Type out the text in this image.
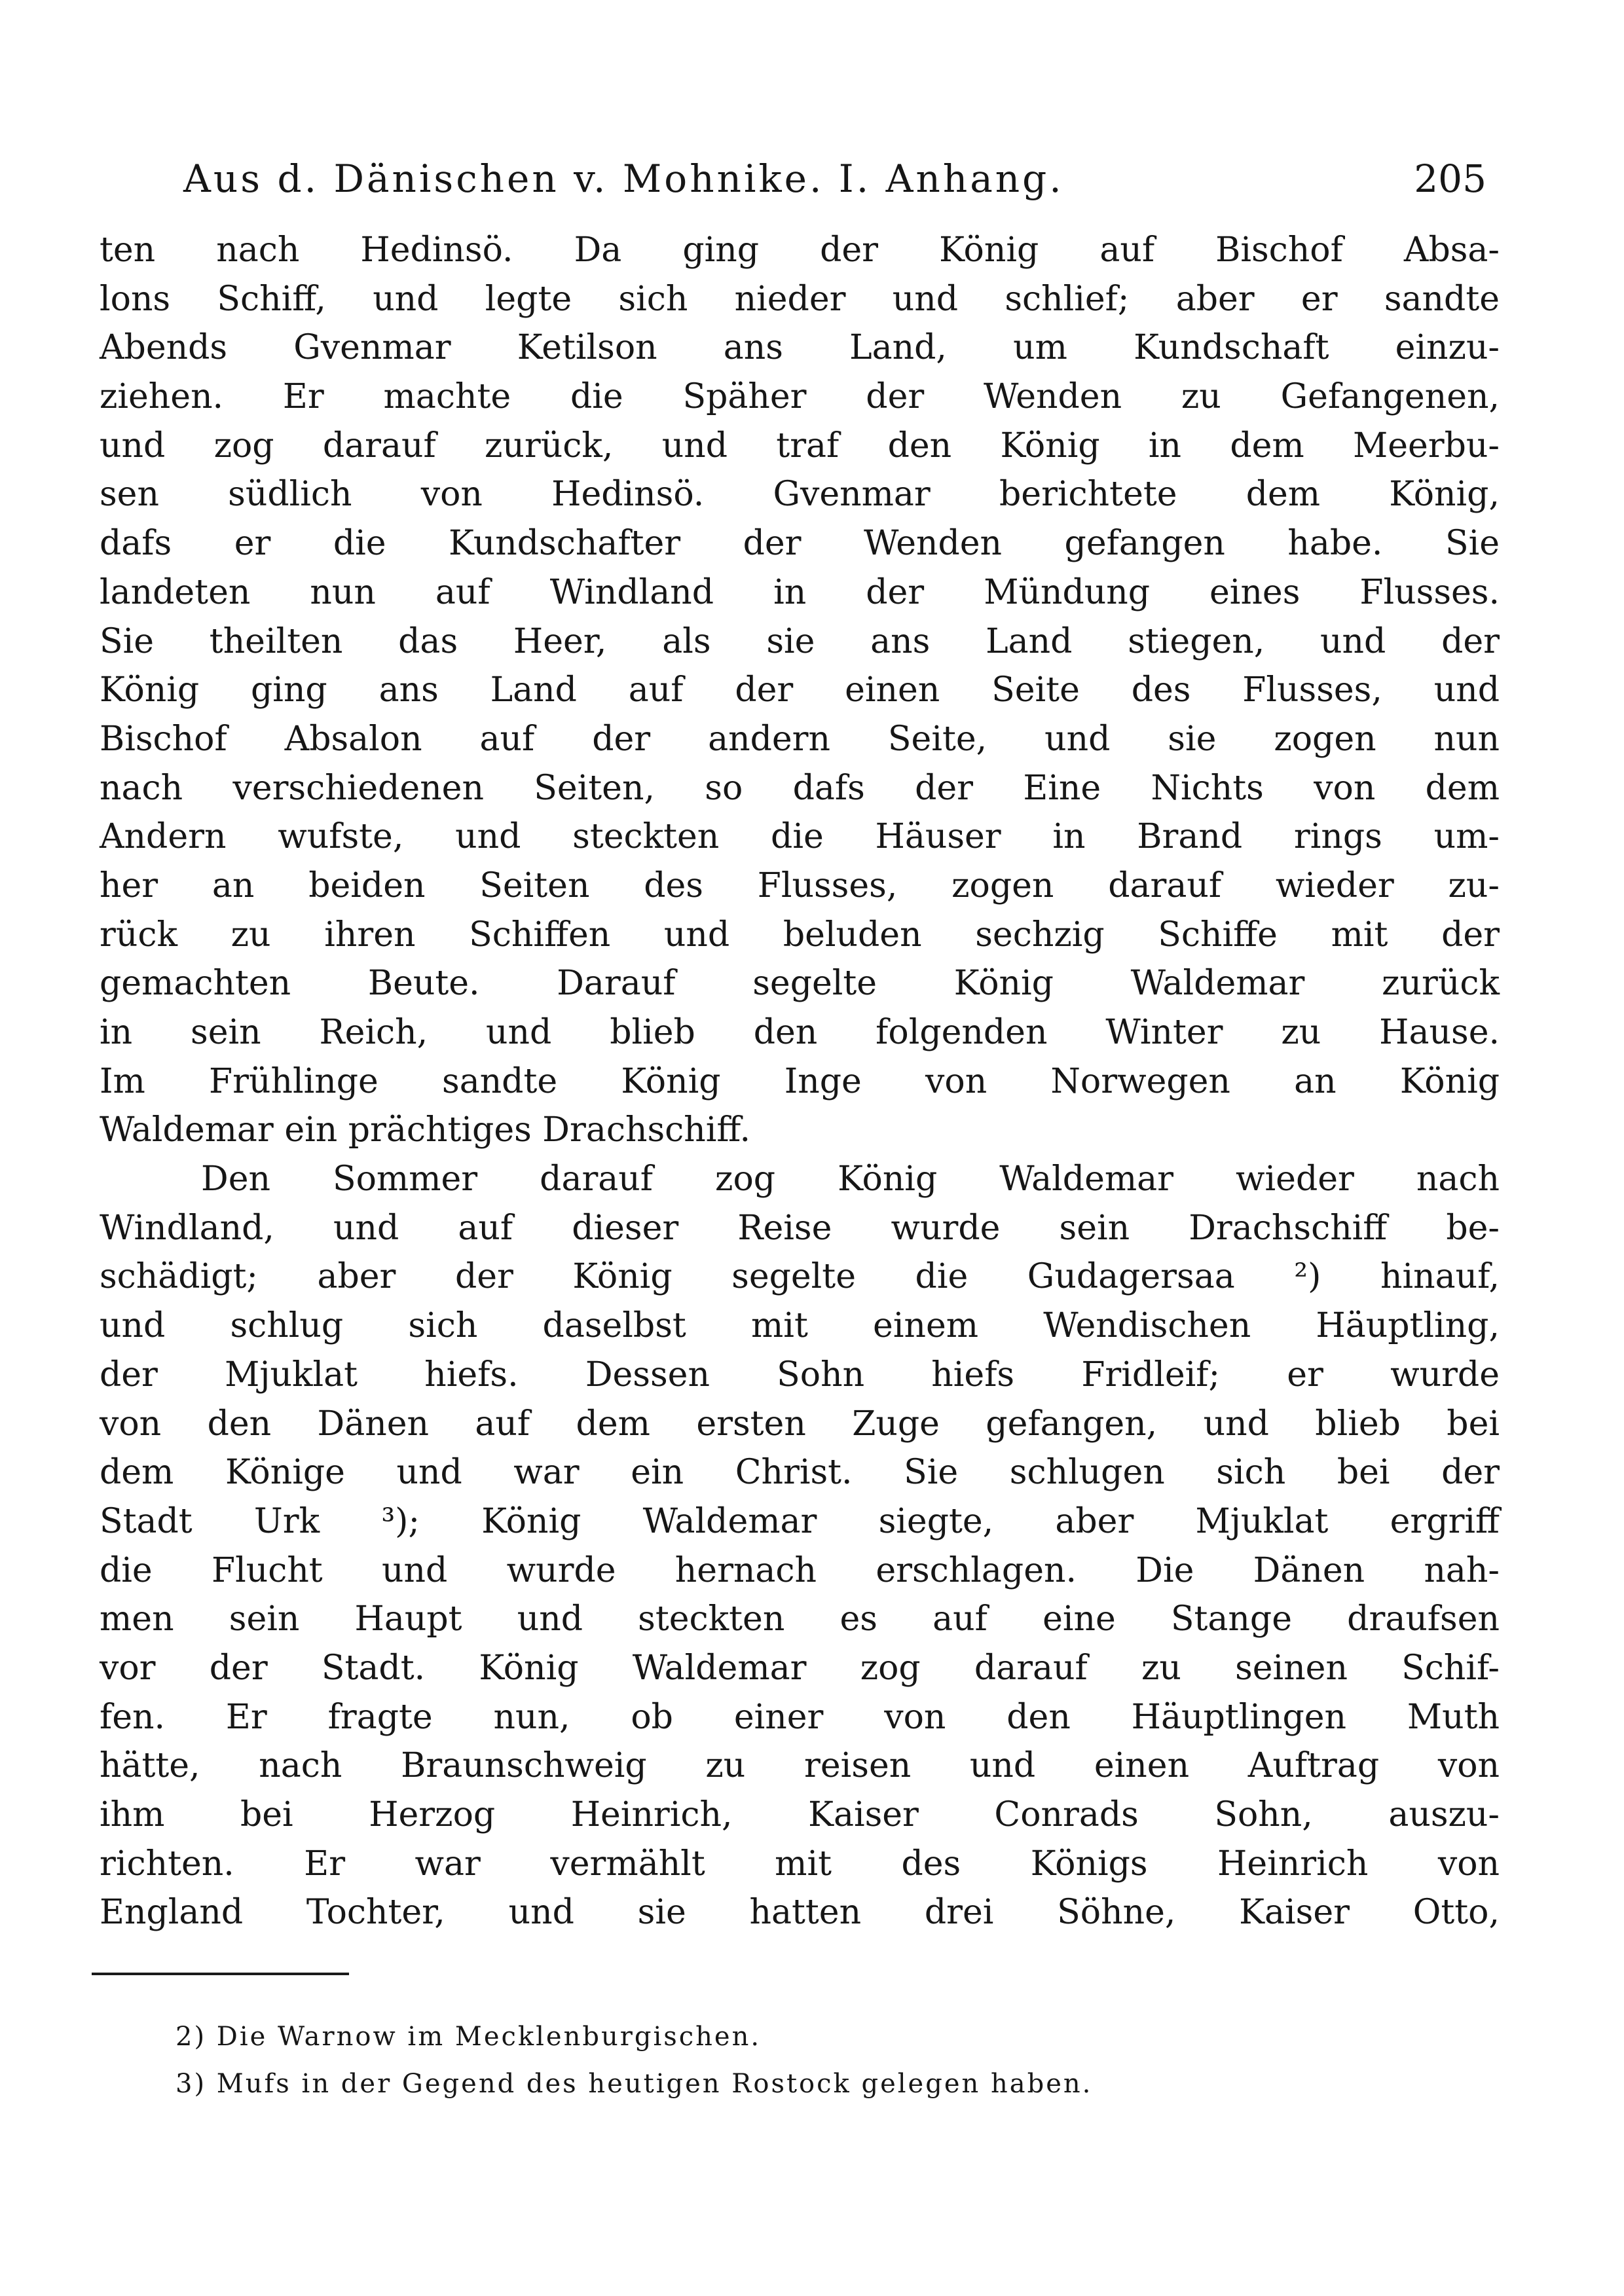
Aus d. Dänischen v. Mohnike. I. Anhang.	205
ten nach Hedinsö. Da ging der König auf Bischof Absa-
lons Schiff, und legte sich nieder und schlief; aber er sandte
Abends Gvenmar Ketilson ans Land, um Kundschaft einzu-
ziehen. Er machte die Späher der Wenden zu Gefangenen,
und zog darauf zurück, und traf den König in dem Meerbu-
sen südlich von Hedinsö. Gvenmar berichtete dem König,
dafs er die Kundschafter der Wenden gefangen habe. Sie
landeten nun auf Windland in der Mündung eines Flusses.
Sie theilten das Heer, als sie ans Land stiegen, und der
König ging ans Land auf der einen Seite des Flusses, und
Bischof Absalon auf der andern Seite, und sie zogen nun
nach verschiedenen Seiten, so dafs der Eine Nichts von dem
Andern wufste, und steckten die Häuser in Brand rings um-
her an beiden Seiten des Flusses, zogen darauf wieder zu-
rück zu ihren Schiffen und beluden sechzig Schiffe mit der
gemachten Beute. Darauf segelte König Waldemar zurück
in sein Reich, und blieb den folgenden Winter zu Hause.
Im Frühlinge sandte König Inge von Norwegen an König
Waldemar ein prächtiges Drachschiff.
Den Sommer darauf zog König Waldemar wieder nach
Windland, und auf dieser Reise wurde sein Drachschiff be-
schädigt; aber der König segelte die Gudagersaa ²) hinauf,
und schlug sich daselbst mit einem Wendischen Häuptling,
der Mjuklat hiefs. Dessen Sohn hiefs Fridleif; er wurde
von den Dänen auf dem ersten Zuge gefangen, und blieb bei
dem Könige und war ein Christ. Sie schlugen sich bei der
Stadt Urk ³); König Waldemar siegte, aber Mjuklat ergriff
die Flucht und wurde hernach erschlagen. Die Dänen nah-
men sein Haupt und steckten es auf eine Stange draufsen
vor der Stadt. König Waldemar zog darauf zu seinen Schif-
fen. Er fragte nun, ob einer von den Häuptlingen Muth
hätte, nach Braunschweig zu reisen und einen Auftrag von
ihm bei Herzog Heinrich, Kaiser Conrads Sohn, auszu-
richten. Er war vermählt mit des Königs Heinrich von
England Tochter, und sie hatten drei Söhne, Kaiser Otto,
2) Die Warnow im Mecklenburgischen.
3) Mufs in der Gegend des heutigen Rostock gelegen haben.
